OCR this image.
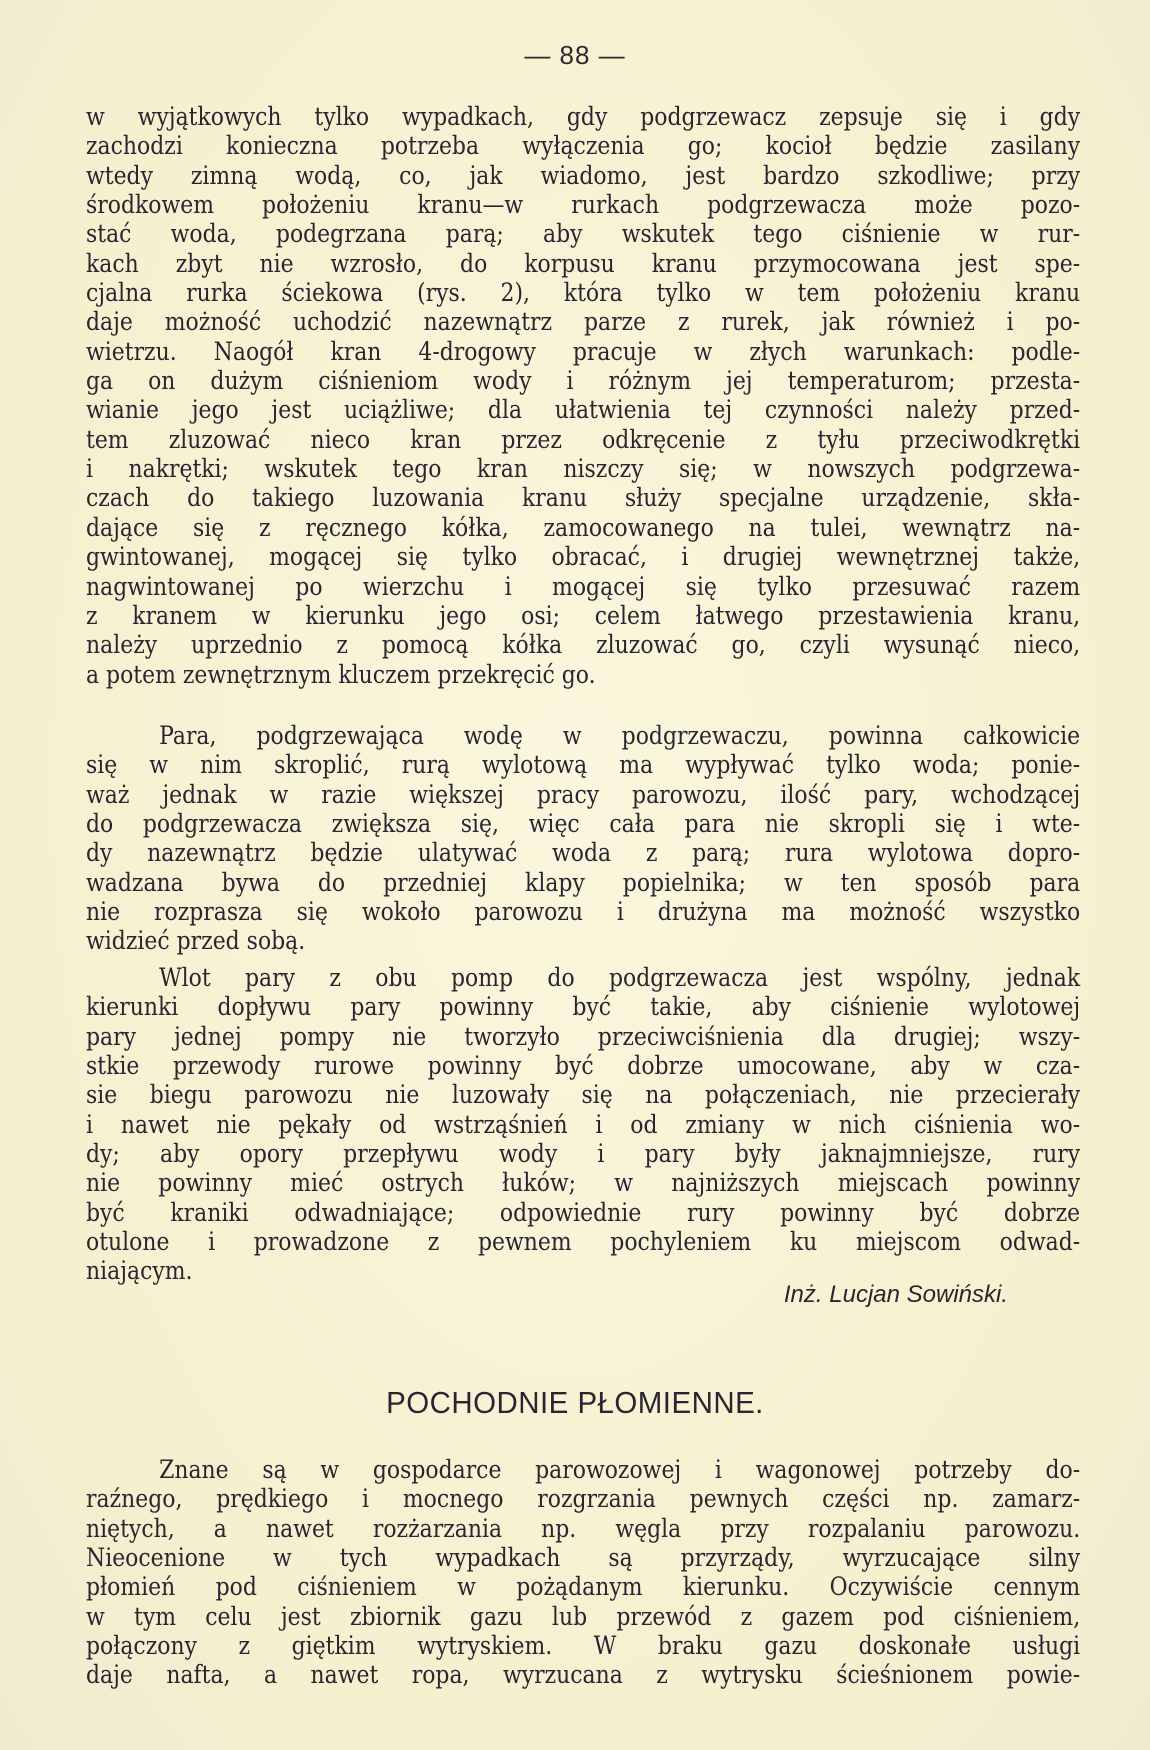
— 88 —
w wyjątkowych tylko wypadkach, gdy podgrzewacz zepsuje się i gdy
zachodzi konieczna potrzeba wyłączenia go; kocioł będzie zasilany
wtedy zimną wodą, co, jak wiadomo, jest bardzo szkodliwe; przy
środkowem położeniu kranu—w rurkach podgrzewacza może pozo-
stać woda, podegrzana parą; aby wskutek tego ciśnienie w rur-
kach zbyt nie wzrosło, do korpusu kranu przymocowana jest spe-
cjalna rurka ściekowa (rys. 2), która tylko w tem położeniu kranu
daje możność uchodzić nazewnątrz parze z rurek, jak również i po-
wietrzu. Naogół kran 4-drogowy pracuje w złych warunkach: podle-
ga on dużym ciśnieniom wody i różnym jej temperaturom; przesta-
wianie jego jest uciążliwe; dla ułatwienia tej czynności należy przed-
tem zluzować nieco kran przez odkręcenie z tyłu przeciwodkrętki
i nakrętki; wskutek tego kran niszczy się; w nowszych podgrzewa-
czach do takiego luzowania kranu służy specjalne urządzenie, skła-
dające się z ręcznego kółka, zamocowanego na tulei, wewnątrz na-
gwintowanej, mogącej się tylko obracać, i drugiej wewnętrznej także,
nagwintowanej po wierzchu i mogącej się tylko przesuwać razem
z kranem w kierunku jego osi; celem łatwego przestawienia kranu,
należy uprzednio z pomocą kółka zluzować go, czyli wysunąć nieco,
a potem zewnętrznym kluczem przekręcić go.
Para, podgrzewająca wodę w podgrzewaczu, powinna całkowicie
się w nim skroplić, rurą wylotową ma wypływać tylko woda; ponie-
waż jednak w razie większej pracy parowozu, ilość pary, wchodzącej
do podgrzewacza zwiększa się, więc cała para nie skropli się i wte-
dy nazewnątrz będzie ulatywać woda z parą; rura wylotowa dopro-
wadzana bywa do przedniej klapy popielnika; w ten sposób para
nie rozprasza się wokoło parowozu i drużyna ma możność wszystko
widzieć przed sobą.
Wlot pary z obu pomp do podgrzewacza jest wspólny, jednak
kierunki dopływu pary powinny być takie, aby ciśnienie wylotowej
pary jednej pompy nie tworzyło przeciwciśnienia dla drugiej; wszy-
stkie przewody rurowe powinny być dobrze umocowane, aby w cza-
sie biegu parowozu nie luzowały się na połączeniach, nie przecierały
i nawet nie pękały od wstrząśnień i od zmiany w nich ciśnienia wo-
dy; aby opory przepływu wody i pary były jaknajmniejsze, rury
nie powinny mieć ostrych łuków; w najniższych miejscach powinny
być kraniki odwadniające; odpowiednie rury powinny być dobrze
otulone i prowadzone z pewnem pochyleniem ku miejscom odwad-
niającym.
Inż. Lucjan Sowiński.
POCHODNIE PŁOMIENNE.
Znane są w gospodarce parowozowej i wagonowej potrzeby do-
raźnego, prędkiego i mocnego rozgrzania pewnych części np. zamarz-
niętych, a nawet rozżarzania np. węgla przy rozpalaniu parowozu.
Nieocenione w tych wypadkach są przyrządy, wyrzucające silny
płomień pod ciśnieniem w pożądanym kierunku. Oczywiście cennym
w tym celu jest zbiornik gazu lub przewód z gazem pod ciśnieniem,
połączony z giętkim wytryskiem. W braku gazu doskonałe usługi
daje nafta, a nawet ropa, wyrzucana z wytrysku ścieśnionem powie-
